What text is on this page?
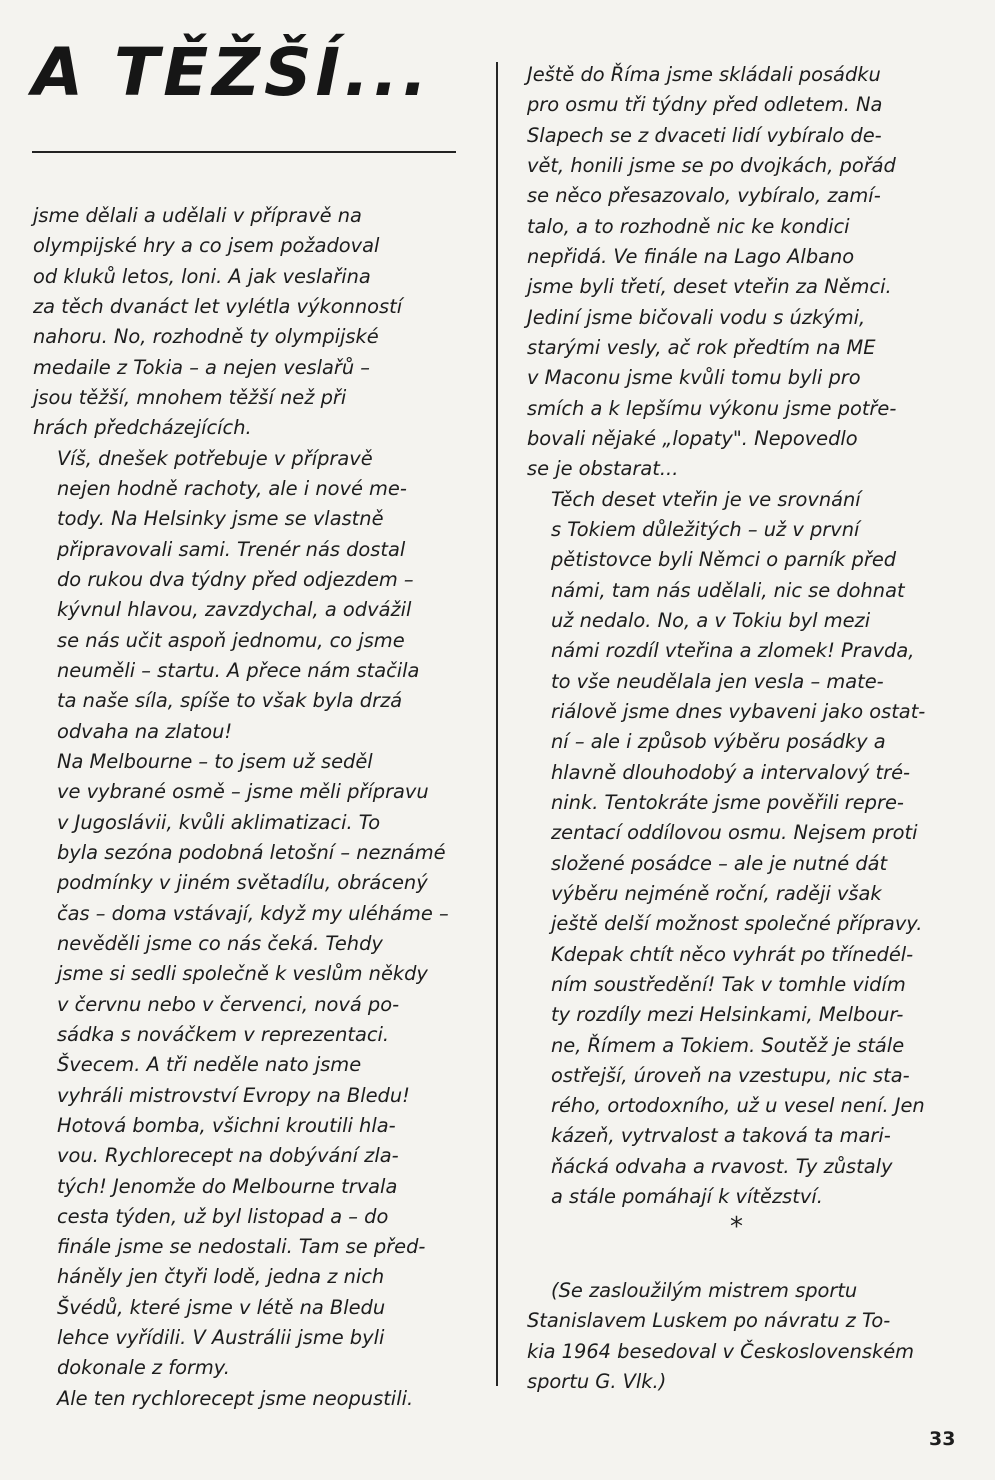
A TĚŽŠÍ...

jsme dělali a udělali v přípravě na
olympijské hry a co jsem požadoval
od kluků letos, loni. A jak veslařina
za těch dvanáct let vylétla výkonností
nahoru. No, rozhodně ty olympijské
medaile z Tokia – a nejen veslařů –
jsou těžší, mnohem těžší než při
hrách předcházejících.

Víš, dnešek potřebuje v přípravě
nejen hodně rachoty, ale i nové me-
tody. Na Helsinky jsme se vlastně
připravovali sami. Trenér nás dostal
do rukou dva týdny před odjezdem –
kývnul hlavou, zavzdychal, a odvážil
se nás učit aspoň jednomu, co jsme
neuměli – startu. A přece nám stačila
ta naše síla, spíše to však byla drzá
odvaha na zlatou!

Na Melbourne – to jsem už seděl
ve vybrané osmě – jsme měli přípravu
v Jugoslávii, kvůli aklimatizaci. To
byla sezóna podobná letošní – neznámé
podmínky v jiném světadílu, obrácený
čas – doma vstávají, když my uléháme –
nevěděli jsme co nás čeká. Tehdy
jsme si sedli společně k veslům někdy
v červnu nebo v červenci, nová po-
sádka s nováčkem v reprezentaci.
Švecem. A tři neděle nato jsme
vyhráli mistrovství Evropy na Bledu!
Hotová bomba, všichni kroutili hla-
vou. Rychlorecept na dobývání zla-
tých! Jenomže do Melbourne trvala
cesta týden, už byl listopad a – do
finále jsme se nedostali. Tam se před-
háněly jen čtyři lodě, jedna z nich
Švédů, které jsme v létě na Bledu
lehce vyřídili. V Austrálii jsme byli
dokonale z formy.

Ale ten rychlorecept jsme neopustili.

Ještě do Říma jsme skládali posádku
pro osmu tři týdny před odletem. Na
Slapech se z dvaceti lidí vybíralo de-
vět, honili jsme se po dvojkách, pořád
se něco přesazovalo, vybíralo, zamí-
talo, a to rozhodně nic ke kondici
nepřidá. Ve finále na Lago Albano
jsme byli třetí, deset vteřin za Němci.
Jediní jsme bičovali vodu s úzkými,
starými vesly, ač rok předtím na ME
v Maconu jsme kvůli tomu byli pro
smích a k lepšímu výkonu jsme potře-
bovali nějaké „lopaty". Nepovedlo
se je obstarat...

Těch deset vteřin je ve srovnání
s Tokiem důležitých – už v první
pětistovce byli Němci o parník před
námi, tam nás udělali, nic se dohnat
už nedalo. No, a v Tokiu byl mezi
námi rozdíl vteřina a zlomek! Pravda,
to vše neudělala jen vesla – mate-
riálově jsme dnes vybaveni jako ostat-
ní – ale i způsob výběru posádky a
hlavně dlouhodobý a intervalový tré-
nink. Tentokráte jsme pověřili repre-
zentací oddílovou osmu. Nejsem proti
složené posádce – ale je nutné dát
výběru nejméně roční, raději však
ještě delší možnost společné přípravy.
Kdepak chtít něco vyhrát po třínedél-
ním soustředění! Tak v tomhle vidím
ty rozdíly mezi Helsinkami, Melbour-
ne, Římem a Tokiem. Soutěž je stále
ostřejší, úroveň na vzestupu, nic sta-
rého, ortodoxního, už u vesel není. Jen
kázeň, vytrvalost a taková ta mari-
ňácká odvaha a rvavost. Ty zůstaly
a stále pomáhají k vítězství.

*
(Se zasloužilým mistrem sportu
Stanislavem Luskem po návratu z To-
kia 1964 besedoval v Československém
sportu G. Vlk.)
33
